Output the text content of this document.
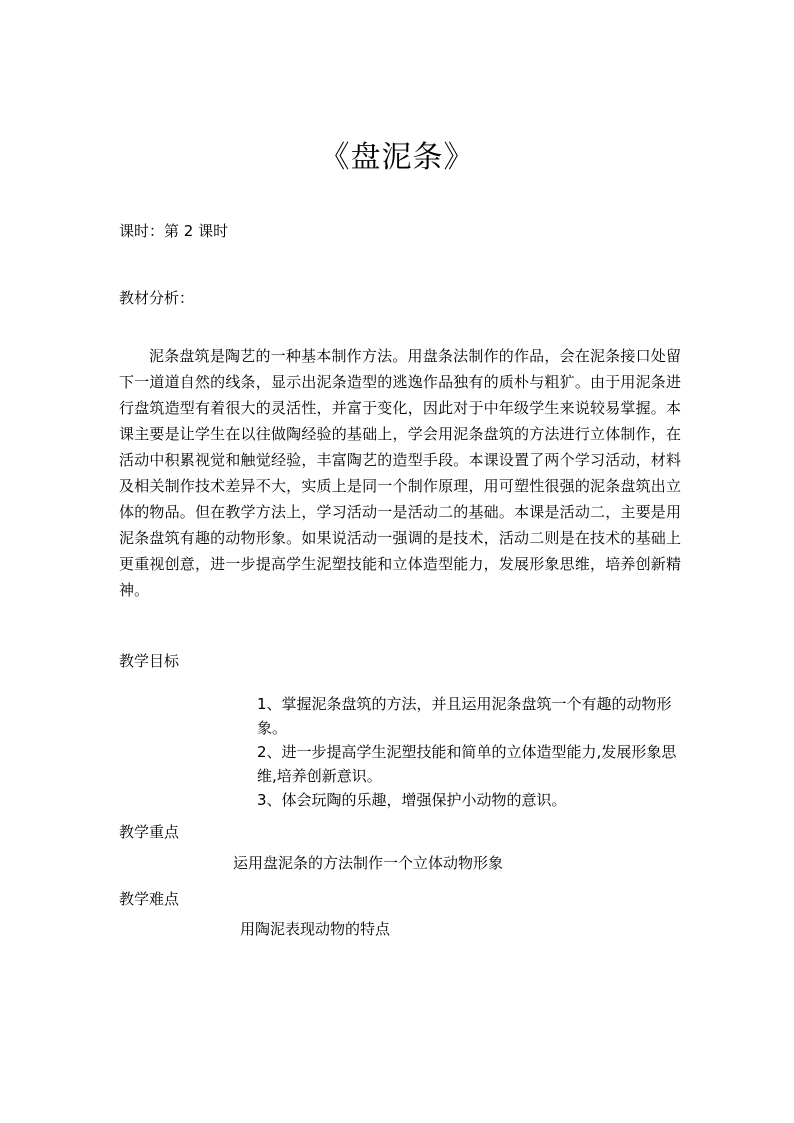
《盘泥条》
课时：第 2 课时
教材分析：
泥条盘筑是陶艺的一种基本制作方法。用盘条法制作的作品，会在泥条接口处留下一道道自然的线条，显示出泥条造型的逃逸作品独有的质朴与粗犷。由于用泥条进行盘筑造型有着很大的灵活性，并富于变化，因此对于中年级学生来说较易掌握。本课主要是让学生在以往做陶经验的基础上，学会用泥条盘筑的方法进行立体制作，在活动中积累视觉和触觉经验，丰富陶艺的造型手段。本课设置了两个学习活动，材料及相关制作技术差异不大，实质上是同一个制作原理，用可塑性很强的泥条盘筑出立体的物品。但在教学方法上，学习活动一是活动二的基础。本课是活动二，主要是用泥条盘筑有趣的动物形象。如果说活动一强调的是技术，活动二则是在技术的基础上更重视创意，进一步提高学生泥塑技能和立体造型能力，发展形象思维，培养创新精神。
教学目标

1、掌握泥条盘筑的方法，并且运用泥条盘筑一个有趣的动物形象。

2、进一步提高学生泥塑技能和简单的立体造型能力,发展形象思维,培养创新意识。

3、体会玩陶的乐趣，增强保护小动物的意识。

教学重点
运用盘泥条的方法制作一个立体动物形象
教学难点
用陶泥表现动物的特点
